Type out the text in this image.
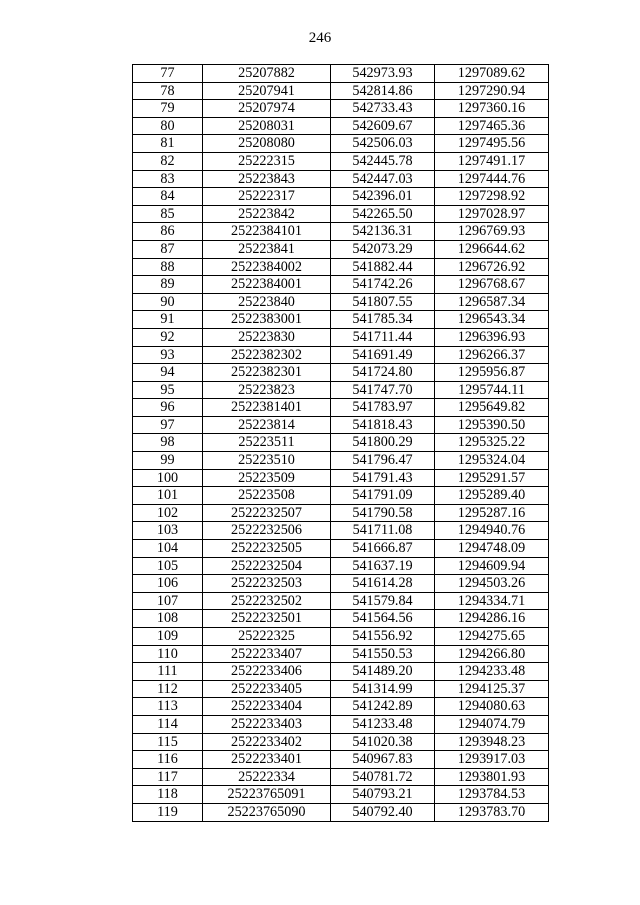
246
77	25207882	542973.93	1297089.62
78	25207941	542814.86	1297290.94
79	25207974	542733.43	1297360.16
80	25208031	542609.67	1297465.36
81	25208080	542506.03	1297495.56
82	25222315	542445.78	1297491.17
83	25223843	542447.03	1297444.76
84	25222317	542396.01	1297298.92
85	25223842	542265.50	1297028.97
86	2522384101	542136.31	1296769.93
87	25223841	542073.29	1296644.62
88	2522384002	541882.44	1296726.92
89	2522384001	541742.26	1296768.67
90	25223840	541807.55	1296587.34
91	2522383001	541785.34	1296543.34
92	25223830	541711.44	1296396.93
93	2522382302	541691.49	1296266.37
94	2522382301	541724.80	1295956.87
95	25223823	541747.70	1295744.11
96	2522381401	541783.97	1295649.82
97	25223814	541818.43	1295390.50
98	25223511	541800.29	1295325.22
99	25223510	541796.47	1295324.04
100	25223509	541791.43	1295291.57
101	25223508	541791.09	1295289.40
102	2522232507	541790.58	1295287.16
103	2522232506	541711.08	1294940.76
104	2522232505	541666.87	1294748.09
105	2522232504	541637.19	1294609.94
106	2522232503	541614.28	1294503.26
107	2522232502	541579.84	1294334.71
108	2522232501	541564.56	1294286.16
109	25222325	541556.92	1294275.65
110	2522233407	541550.53	1294266.80
111	2522233406	541489.20	1294233.48
112	2522233405	541314.99	1294125.37
113	2522233404	541242.89	1294080.63
114	2522233403	541233.48	1294074.79
115	2522233402	541020.38	1293948.23
116	2522233401	540967.83	1293917.03
117	25222334	540781.72	1293801.93
118	25223765091	540793.21	1293784.53
119	25223765090	540792.40	1293783.70
